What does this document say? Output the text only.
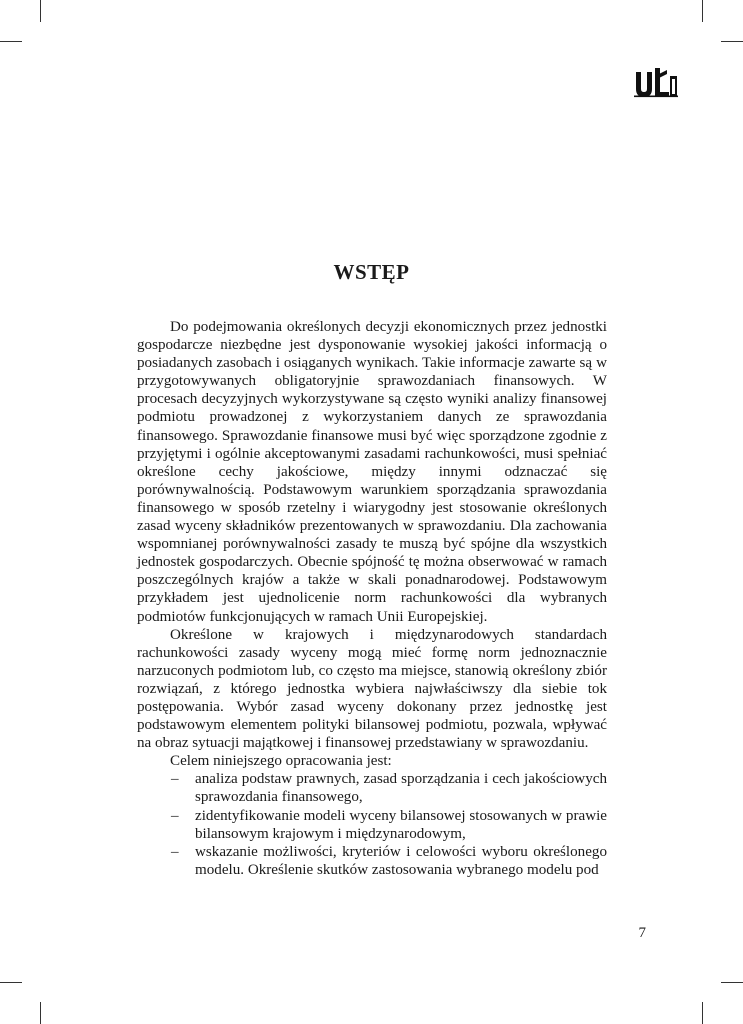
WSTĘP

Do podejmowania określonych decyzji ekonomicznych przez jednostki gospodarcze niezbędne jest dysponowanie wysokiej jakości informacją o posiadanych zasobach i osiąganych wynikach. Takie informacje zawarte są w przygotowywanych obligatoryjnie sprawozdaniach finansowych. W procesach decyzyjnych wykorzystywane są często wyniki analizy finansowej podmiotu prowadzonej z wykorzystaniem danych ze sprawozdania finansowego. Sprawozdanie finansowe musi być więc sporządzone zgodnie z przyjętymi i ogólnie akceptowanymi zasadami rachunkowości, musi spełniać określone cechy jakościowe, między innymi odznaczać się porównywalnością. Podstawowym warunkiem sporządzania sprawozdania finansowego w sposób rzetelny i wiarygodny jest stosowanie określonych zasad wyceny składników prezentowanych w sprawozdaniu. Dla zachowania wspomnianej porównywalności zasady te muszą być spójne dla wszystkich jednostek gospodarczych. Obecnie spójność tę można obserwować w ramach poszczególnych krajów a także w skali ponadnarodowej. Podstawowym przykładem jest ujednolicenie norm rachunkowości dla wybranych podmiotów funkcjonujących w ramach Unii Europejskiej.

Określone w krajowych i międzynarodowych standardach rachunkowości zasady wyceny mogą mieć formę norm jednoznacznie narzuconych podmiotom lub, co często ma miejsce, stanowią określony zbiór rozwiązań, z którego jednostka wybiera najwłaściwszy dla siebie tok postępowania. Wybór zasad wyceny dokonany przez jednostkę jest podstawowym elementem polityki bilansowej podmiotu, pozwala, wpływać na obraz sytuacji majątkowej i finansowej przedstawiany w sprawozdaniu.

Celem niniejszego opracowania jest:

– analiza podstaw prawnych, zasad sporządzania i cech jakościowych sprawozdania finansowego,
– zidentyfikowanie modeli wyceny bilansowej stosowanych w prawie bilansowym krajowym i międzynarodowym,
– wskazanie możliwości, kryteriów i celowości wyboru określonego modelu. Określenie skutków zastosowania wybranego modelu pod
7
